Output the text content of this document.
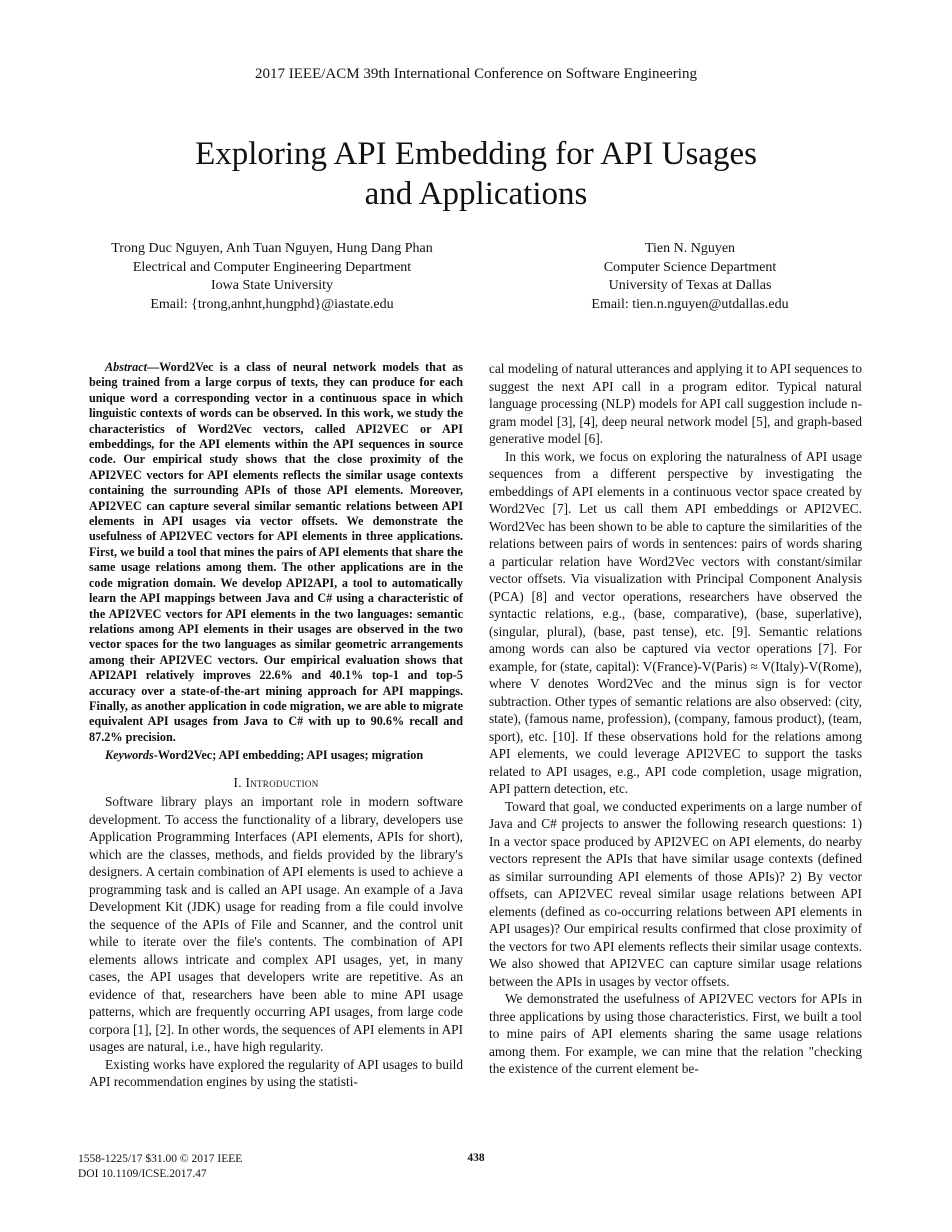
2017 IEEE/ACM 39th International Conference on Software Engineering
Exploring API Embedding for API Usages
and Applications
Trong Duc Nguyen, Anh Tuan Nguyen, Hung Dang Phan
Electrical and Computer Engineering Department
Iowa State University
Email: {trong,anhnt,hungphd}@iastate.edu
Tien N. Nguyen
Computer Science Department
University of Texas at Dallas
Email: tien.n.nguyen@utdallas.edu

Abstract—Word2Vec is a class of neural network models that as being trained from a large corpus of texts, they can produce for each unique word a corresponding vector in a continuous space in which linguistic contexts of words can be observed. In this work, we study the characteristics of Word2Vec vectors, called API2VEC or API embeddings, for the API elements within the API sequences in source code. Our empirical study shows that the close proximity of the API2VEC vectors for API elements reflects the similar usage contexts containing the surrounding APIs of those API elements. Moreover, API2VEC can capture several similar semantic relations between API elements in API usages via vector offsets. We demonstrate the usefulness of API2VEC vectors for API elements in three applications. First, we build a tool that mines the pairs of API elements that share the same usage relations among them. The other applications are in the code migration domain. We develop API2API, a tool to automatically learn the API mappings between Java and C# using a characteristic of the API2VEC vectors for API elements in the two languages: semantic relations among API elements in their usages are observed in the two vector spaces for the two languages as similar geometric arrangements among their API2VEC vectors. Our empirical evaluation shows that API2API relatively improves 22.6% and 40.1% top-1 and top-5 accuracy over a state-of-the-art mining approach for API mappings. Finally, as another application in code migration, we are able to migrate equivalent API usages from Java to C# with up to 90.6% recall and 87.2% precision.

Keywords-Word2Vec; API embedding; API usages; migration

I. Introduction

Software library plays an important role in modern software development. To access the functionality of a library, developers use Application Programming Interfaces (API elements, APIs for short), which are the classes, methods, and fields provided by the library's designers. A certain combination of API elements is used to achieve a programming task and is called an API usage. An example of a Java Development Kit (JDK) usage for reading from a file could involve the sequence of the APIs of File and Scanner, and the control unit while to iterate over the file's contents. The combination of API elements allows intricate and complex API usages, yet, in many cases, the API usages that developers write are repetitive. As an evidence of that, researchers have been able to mine API usage patterns, which are frequently occurring API usages, from large code corpora [1], [2]. In other words, the sequences of API elements in API usages are natural, i.e., have high regularity.

Existing works have explored the regularity of API usages to build API recommendation engines by using the statisti-

cal modeling of natural utterances and applying it to API sequences to suggest the next API call in a program editor. Typical natural language processing (NLP) models for API call suggestion include n-gram model [3], [4], deep neural network model [5], and graph-based generative model [6].

In this work, we focus on exploring the naturalness of API usage sequences from a different perspective by investigating the embeddings of API elements in a continuous vector space created by Word2Vec [7]. Let us call them API embeddings or API2VEC. Word2Vec has been shown to be able to capture the similarities of the relations between pairs of words in sentences: pairs of words sharing a particular relation have Word2Vec vectors with constant/similar vector offsets. Via visualization with Principal Component Analysis (PCA) [8] and vector operations, researchers have observed the syntactic relations, e.g., (base, comparative), (base, superlative), (singular, plural), (base, past tense), etc. [9]. Semantic relations among words can also be captured via vector operations [7]. For example, for (state, capital): V(France)-V(Paris) ≈ V(Italy)-V(Rome), where V denotes Word2Vec and the minus sign is for vector subtraction. Other types of semantic relations are also observed: (city, state), (famous name, profession), (company, famous product), (team, sport), etc. [10]. If these observations hold for the relations among API elements, we could leverage API2VEC to support the tasks related to API usages, e.g., API code completion, usage migration, API pattern detection, etc.

Toward that goal, we conducted experiments on a large number of Java and C# projects to answer the following research questions: 1) In a vector space produced by API2VEC on API elements, do nearby vectors represent the APIs that have similar usage contexts (defined as similar surrounding API elements of those APIs)? 2) By vector offsets, can API2VEC reveal similar usage relations between API elements (defined as co-occurring relations between API elements in API usages)? Our empirical results confirmed that close proximity of the vectors for two API elements reflects their similar usage contexts. We also showed that API2VEC can capture similar usage relations between the APIs in usages by vector offsets.

We demonstrated the usefulness of API2VEC vectors for APIs in three applications by using those characteristics. First, we built a tool to mine pairs of API elements sharing the same usage relations among them. For example, we can mine that the relation "checking the existence of the current element be-

1558-1225/17 $31.00 © 2017 IEEE
DOI 10.1109/ICSE.2017.47
438
